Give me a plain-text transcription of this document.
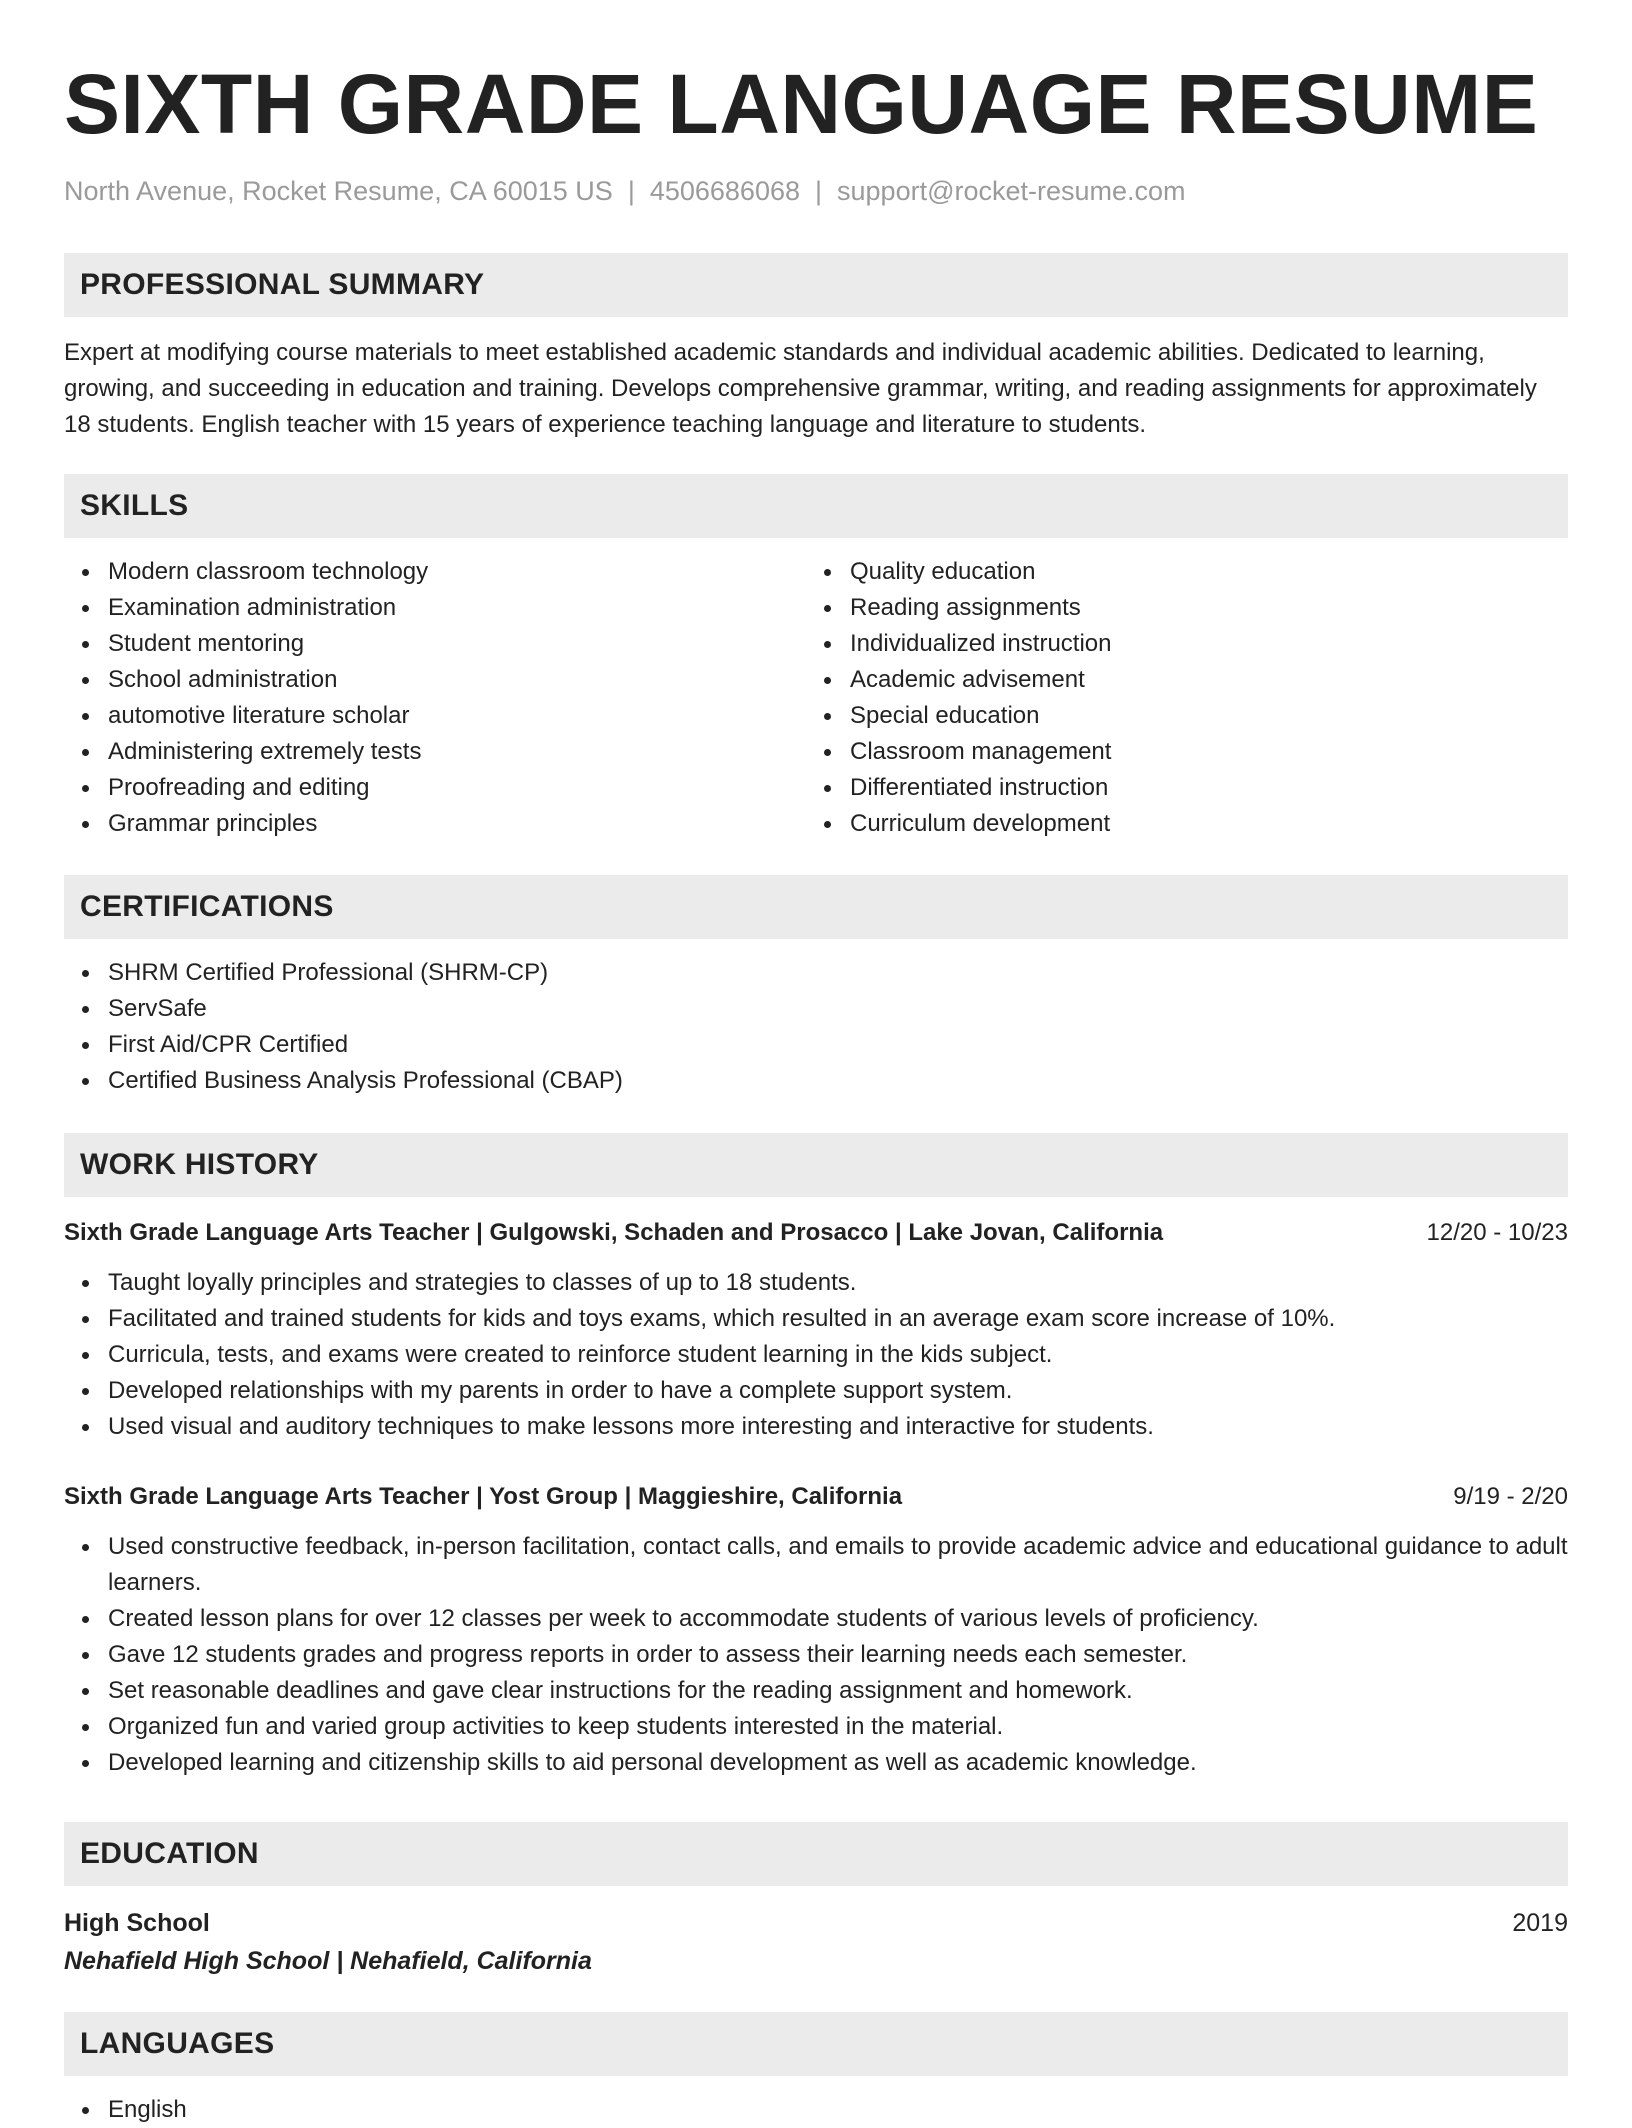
SIXTH GRADE LANGUAGE RESUME
North Avenue, Rocket Resume, CA 60015 US | 4506686068 | support@rocket-resume.com
PROFESSIONAL SUMMARY
Expert at modifying course materials to meet established academic standards and individual academic abilities. Dedicated to learning, growing, and succeeding in education and training. Develops comprehensive grammar, writing, and reading assignments for approximately 18 students. English teacher with 15 years of experience teaching language and literature to students.
SKILLS
Modern classroom technology
Examination administration
Student mentoring
School administration
automotive literature scholar
Administering extremely tests
Proofreading and editing
Grammar principles
Quality education
Reading assignments
Individualized instruction
Academic advisement
Special education
Classroom management
Differentiated instruction
Curriculum development
CERTIFICATIONS
SHRM Certified Professional (SHRM-CP)
ServSafe
First Aid/CPR Certified
Certified Business Analysis Professional (CBAP)
WORK HISTORY
Sixth Grade Language Arts Teacher | Gulgowski, Schaden and Prosacco | Lake Jovan, California	12/20 - 10/23
Taught loyally principles and strategies to classes of up to 18 students.
Facilitated and trained students for kids and toys exams, which resulted in an average exam score increase of 10%.
Curricula, tests, and exams were created to reinforce student learning in the kids subject.
Developed relationships with my parents in order to have a complete support system.
Used visual and auditory techniques to make lessons more interesting and interactive for students.
Sixth Grade Language Arts Teacher | Yost Group | Maggieshire, California	9/19 - 2/20
Used constructive feedback, in-person facilitation, contact calls, and emails to provide academic advice and educational guidance to adult learners.
Created lesson plans for over 12 classes per week to accommodate students of various levels of proficiency.
Gave 12 students grades and progress reports in order to assess their learning needs each semester.
Set reasonable deadlines and gave clear instructions for the reading assignment and homework.
Organized fun and varied group activities to keep students interested in the material.
Developed learning and citizenship skills to aid personal development as well as academic knowledge.
EDUCATION
High School	2019
Nehafield High School | Nehafield, California
LANGUAGES
English
